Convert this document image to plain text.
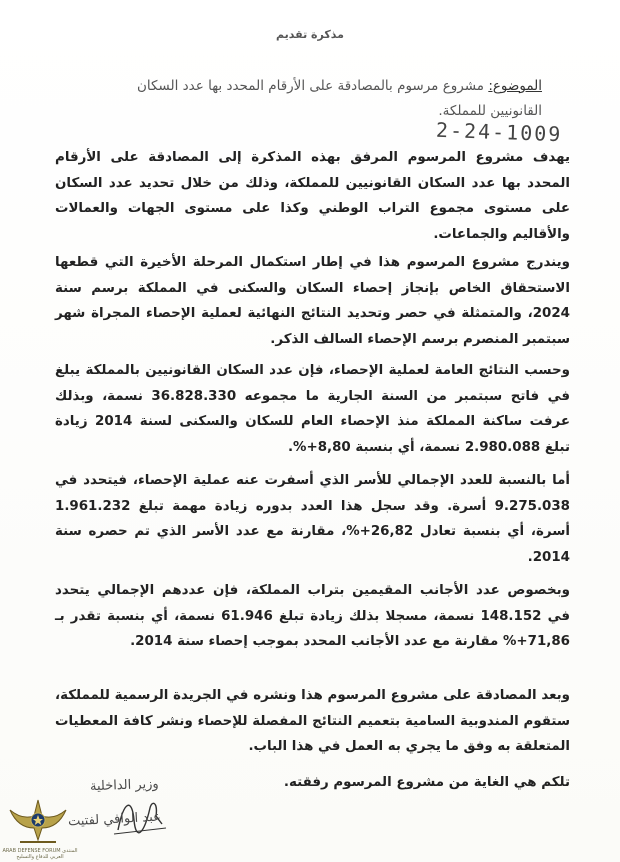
مذكرة تقديم
الموضوع: مشروع مرسوم بالمصادقة على الأرقام المحدد بها عدد السكان القانونيين للمملكة.
2-24-1009

يهدف مشروع المرسوم المرفق بهذه المذكرة إلى المصادقة على الأرقام المحدد بها عدد السكان القانونيين للمملكة، وذلك من خلال تحديد عدد السكان على مستوى مجموع التراب الوطني وكذا على مستوى الجهات والعمالات والأقاليم والجماعات.

ويندرج مشروع المرسوم هذا في إطار استكمال المرحلة الأخيرة التي قطعها الاستحقاق الخاص بإنجاز إحصاء السكان والسكنى في المملكة برسم سنة 2024، والمتمثلة في حصر وتحديد النتائج النهائية لعملية الإحصاء المجراة شهر سبتمبر المنصرم برسم الإحصاء السالف الذكر.

وحسب النتائج العامة لعملية الإحصاء، فإن عدد السكان القانونيين بالمملكة يبلغ في فاتح سبتمبر من السنة الجارية ما مجموعه 36.828.330 نسمة، وبذلك عرفت ساكنة المملكة منذ الإحصاء العام للسكان والسكنى لسنة 2014 زيادة تبلغ 2.980.088 نسمة، أي بنسبة 8,80+%.

أما بالنسبة للعدد الإجمالي للأسر الذي أسفرت عنه عملية الإحصاء، فيتحدد في 9.275.038 أسرة. وقد سجل هذا العدد بدوره زيادة مهمة تبلغ 1.961.232 أسرة، أي بنسبة تعادل 26,82+%، مقارنة مع عدد الأسر الذي تم حصره سنة 2014.

وبخصوص عدد الأجانب المقيمين بتراب المملكة، فإن عددهم الإجمالي يتحدد في 148.152 نسمة، مسجلا بذلك زيادة تبلغ 61.946 نسمة، أي بنسبة تقدر بـ 71,86+% مقارنة مع عدد الأجانب المحدد بموجب إحصاء سنة 2014.

وبعد المصادقة على مشروع المرسوم هذا ونشره في الجريدة الرسمية للمملكة، ستقوم المندوبية السامية بتعميم النتائج المفصلة للإحصاء ونشر كافة المعطيات المتعلقة به وفق ما يجري به العمل في هذا الباب.

تلكم هي الغاية من مشروع المرسوم رفقته.

وزير الداخلية
عبد الوافي لفتيت
ARAB DEFENSE FORUM المنتدى العربي للدفاع والتسليح
